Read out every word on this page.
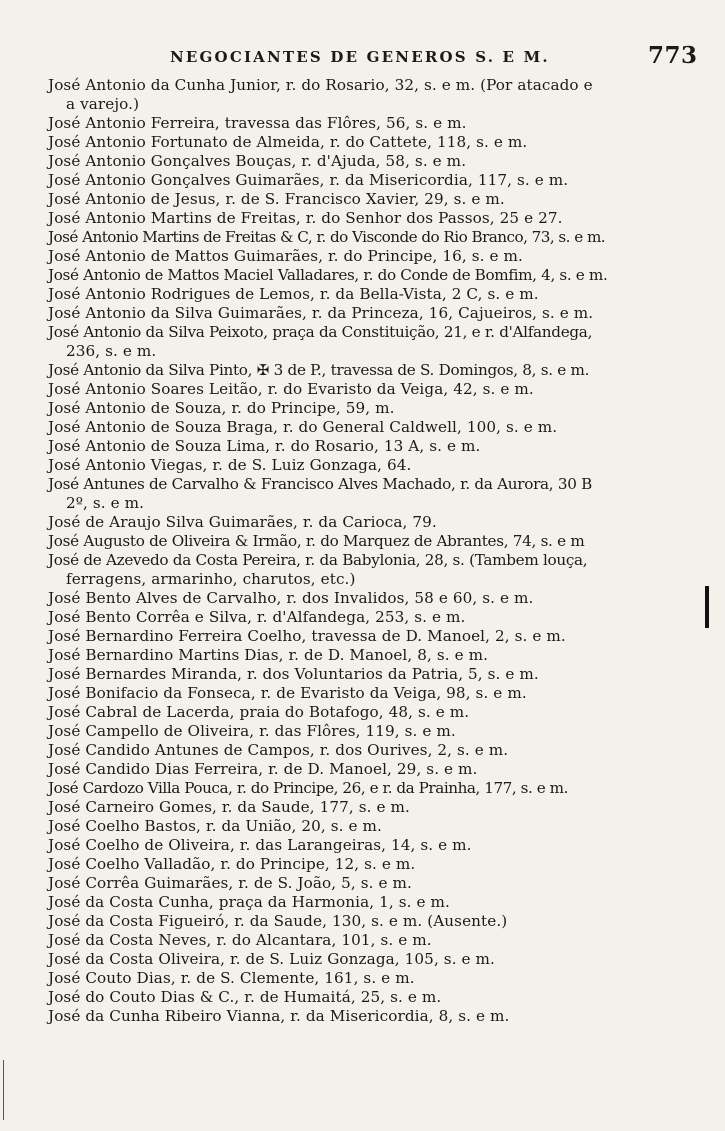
NEGOCIANTES DE GENEROS S. E M.	773
José Antonio da Cunha Junior, r. do Rosario, 32, s. e m. (Por atacado e
a varejo.)
José Antonio Ferreira, travessa das Flôres, 56, s. e m.
José Antonio Fortunato de Almeida, r. do Cattete, 118, s. e m.
José Antonio Gonçalves Bouças, r. d'Ajuda, 58, s. e m.
José Antonio Gonçalves Guimarães, r. da Misericordia, 117, s. e m.
José Antonio de Jesus, r. de S. Francisco Xavier, 29, s. e m.
José Antonio Martins de Freitas, r. do Senhor dos Passos, 25 e 27.
José Antonio Martins de Freitas & C, r. do Visconde do Rio Branco, 73, s. e m.
José Antonio de Mattos Guimarães, r. do Principe, 16, s. e m.
José Antonio de Mattos Maciel Valladares, r. do Conde de Bomfim, 4, s. e m.
José Antonio Rodrigues de Lemos, r. da Bella-Vista, 2 C, s. e m.
José Antonio da Silva Guimarães, r. da Princeza, 16, Cajueiros, s. e m.
José Antonio da Silva Peixoto, praça da Constituição, 21, e r. d'Alfandega,
236, s. e m.
José Antonio da Silva Pinto, ✠ 3 de P., travessa de S. Domingos, 8, s. e m.
José Antonio Soares Leitão, r. do Evaristo da Veiga, 42, s. e m.
José Antonio de Souza, r. do Principe, 59, m.
José Antonio de Souza Braga, r. do General Caldwell, 100, s. e m.
José Antonio de Souza Lima, r. do Rosario, 13 A, s. e m.
José Antonio Viegas, r. de S. Luiz Gonzaga, 64.
José Antunes de Carvalho & Francisco Alves Machado, r. da Aurora, 30 B
2º, s. e m.
José de Araujo Silva Guimarães, r. da Carioca, 79.
José Augusto de Oliveira & Irmão, r. do Marquez de Abrantes, 74, s. e m
José de Azevedo da Costa Pereira, r. da Babylonia, 28, s. (Tambem louça,
ferragens, armarinho, charutos, etc.)
José Bento Alves de Carvalho, r. dos Invalidos, 58 e 60, s. e m.
José Bento Corrêa e Silva, r. d'Alfandega, 253, s. e m.
José Bernardino Ferreira Coelho, travessa de D. Manoel, 2, s. e m.
José Bernardino Martins Dias, r. de D. Manoel, 8, s. e m.
José Bernardes Miranda, r. dos Voluntarios da Patria, 5, s. e m.
José Bonifacio da Fonseca, r. de Evaristo da Veiga, 98, s. e m.
José Cabral de Lacerda, praia do Botafogo, 48, s. e m.
José Campello de Oliveira, r. das Flôres, 119, s. e m.
José Candido Antunes de Campos, r. dos Ourives, 2, s. e m.
José Candido Dias Ferreira, r. de D. Manoel, 29, s. e m.
José Cardozo Villa Pouca, r. do Principe, 26, e r. da Prainha, 177, s. e m.
José Carneiro Gomes, r. da Saude, 177, s. e m.
José Coelho Bastos, r. da União, 20, s. e m.
José Coelho de Oliveira, r. das Larangeiras, 14, s. e m.
José Coelho Valladão, r. do Principe, 12, s. e m.
José Corrêa Guimarães, r. de S. João, 5, s. e m.
José da Costa Cunha, praça da Harmonia, 1, s. e m.
José da Costa Figueiró, r. da Saude, 130, s. e m. (Ausente.)
José da Costa Neves, r. do Alcantara, 101, s. e m.
José da Costa Oliveira, r. de S. Luiz Gonzaga, 105, s. e m.
José Couto Dias, r. de S. Clemente, 161, s. e m.
José do Couto Dias & C., r. de Humaitá, 25, s. e m.
José da Cunha Ribeiro Vianna, r. da Misericordia, 8, s. e m.
